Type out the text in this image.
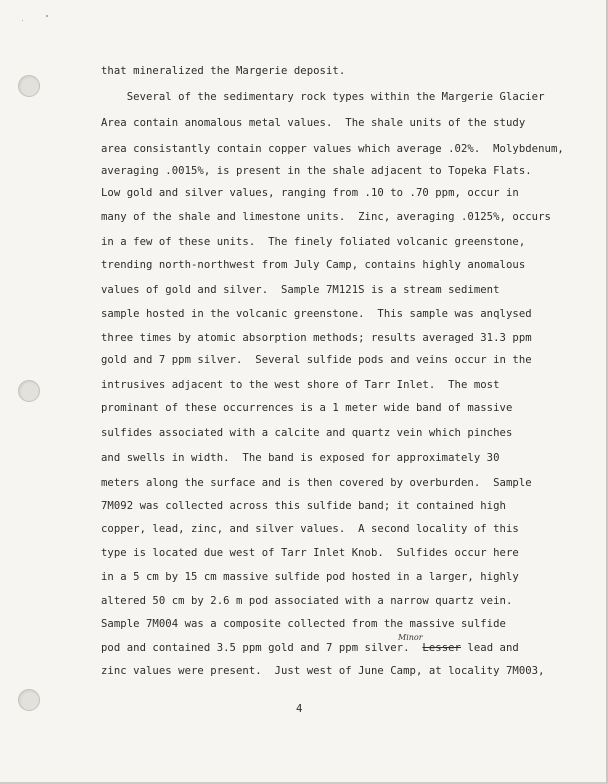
that mineralized the Margerie deposit.

Several of the sedimentary rock types within the Margerie Glacier

Area contain anomalous metal values.  The shale units of the study

area consistantly contain copper values which average .02%.  Molybdenum,

averaging .0015%, is present in the shale adjacent to Topeka Flats.

Low gold and silver values, ranging from .10 to .70 ppm, occur in

many of the shale and limestone units.  Zinc, averaging .0125%, occurs

in a few of these units.  The finely foliated volcanic greenstone,

trending north-northwest from July Camp, contains highly anomalous

values of gold and silver.  Sample 7M121S is a stream sediment

sample hosted in the volcanic greenstone.  This sample was anqlysed

three times by atomic absorption methods; results averaged 31.3 ppm

gold and 7 ppm silver.  Several sulfide pods and veins occur in the

intrusives adjacent to the west shore of Tarr Inlet.  The most

prominant of these occurrences is a 1 meter wide band of massive

sulfides associated with a calcite and quartz vein which pinches

and swells in width.  The band is exposed for approximately 30

meters along the surface and is then covered by overburden.  Sample

7M092 was collected across this sulfide band; it contained high

copper, lead, zinc, and silver values.  A second locality of this

type is located due west of Tarr Inlet Knob.  Sulfides occur here

in a 5 cm by 15 cm massive sulfide pod hosted in a larger, highly

altered 50 cm by 2.6 m pod associated with a narrow quartz vein.

Sample 7M004 was a composite collected from the massive sulfide

Minor

pod and contained 3.5 ppm gold and 7 ppm silver.  Lesser lead and

zinc values were present.  Just west of June Camp, at locality 7M003,

4
